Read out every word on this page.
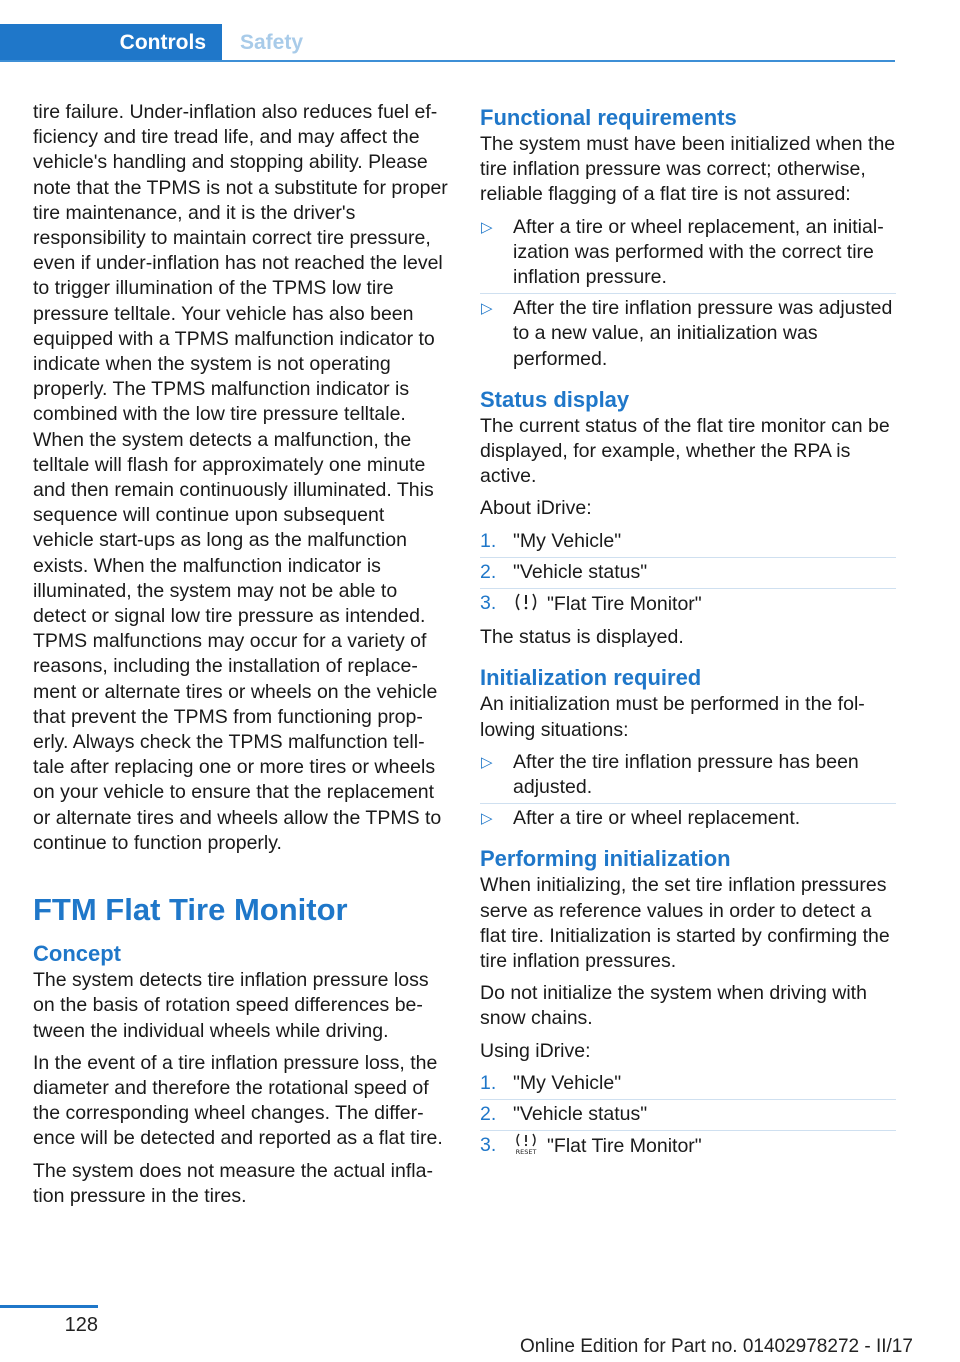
Controls	Safety

tire failure. Under-inflation also reduces fuel efficiency and tire tread life, and may affect the vehicle's handling and stopping ability. Please note that the TPMS is not a substitute for proper tire maintenance, and it is the driver's responsibility to maintain correct tire pressure, even if under-inflation has not reached the level to trigger illumination of the TPMS low tire pressure telltale. Your vehicle has also been equipped with a TPMS malfunction indicator to indicate when the system is not operating properly. The TPMS malfunction indicator is combined with the low tire pressure telltale. When the system detects a malfunction, the telltale will flash for approximately one minute and then remain continuously illuminated. This sequence will continue upon subsequent vehicle start-ups as long as the malfunction exists. When the malfunction indicator is illuminated, the system may not be able to detect or signal low tire pressure as intended. TPMS malfunctions may occur for a variety of reasons, including the installation of replacement or alternate tires or wheels on the vehicle that prevent the TPMS from functioning properly. Always check the TPMS malfunction telltale after replacing one or more tires or wheels on your vehicle to ensure that the replacement or alternate tires and wheels allow the TPMS to continue to function properly.

FTM Flat Tire Monitor
Concept

The system detects tire inflation pressure loss on the basis of rotation speed differences between the individual wheels while driving.

In the event of a tire inflation pressure loss, the diameter and therefore the rotational speed of the corresponding wheel changes. The difference will be detected and reported as a flat tire.

The system does not measure the actual inflation pressure in the tires.

Functional requirements

The system must have been initialized when the tire inflation pressure was correct; otherwise, reliable flagging of a flat tire is not assured:

▷ After a tire or wheel replacement, an initialization was performed with the correct tire inflation pressure.
▷ After the tire inflation pressure was adjusted to a new value, an initialization was performed.
Status display

The current status of the flat tire monitor can be displayed, for example, whether the RPA is active.

About iDrive:

1. "My Vehicle"
2. "Vehicle status"
3.	"Flat Tire Monitor"

The status is displayed.

Initialization required

An initialization must be performed in the following situations:

▷ After the tire inflation pressure has been adjusted.
▷ After a tire or wheel replacement.
Performing initialization

When initializing, the set tire inflation pressures serve as reference values in order to detect a flat tire. Initialization is started by confirming the tire inflation pressures.

Do not initialize the system when driving with snow chains.

Using iDrive:

1. "My Vehicle"
2. "Vehicle status"
3.	RESET "Flat Tire Monitor"
128
Online Edition for Part no. 01402978272 - II/17
